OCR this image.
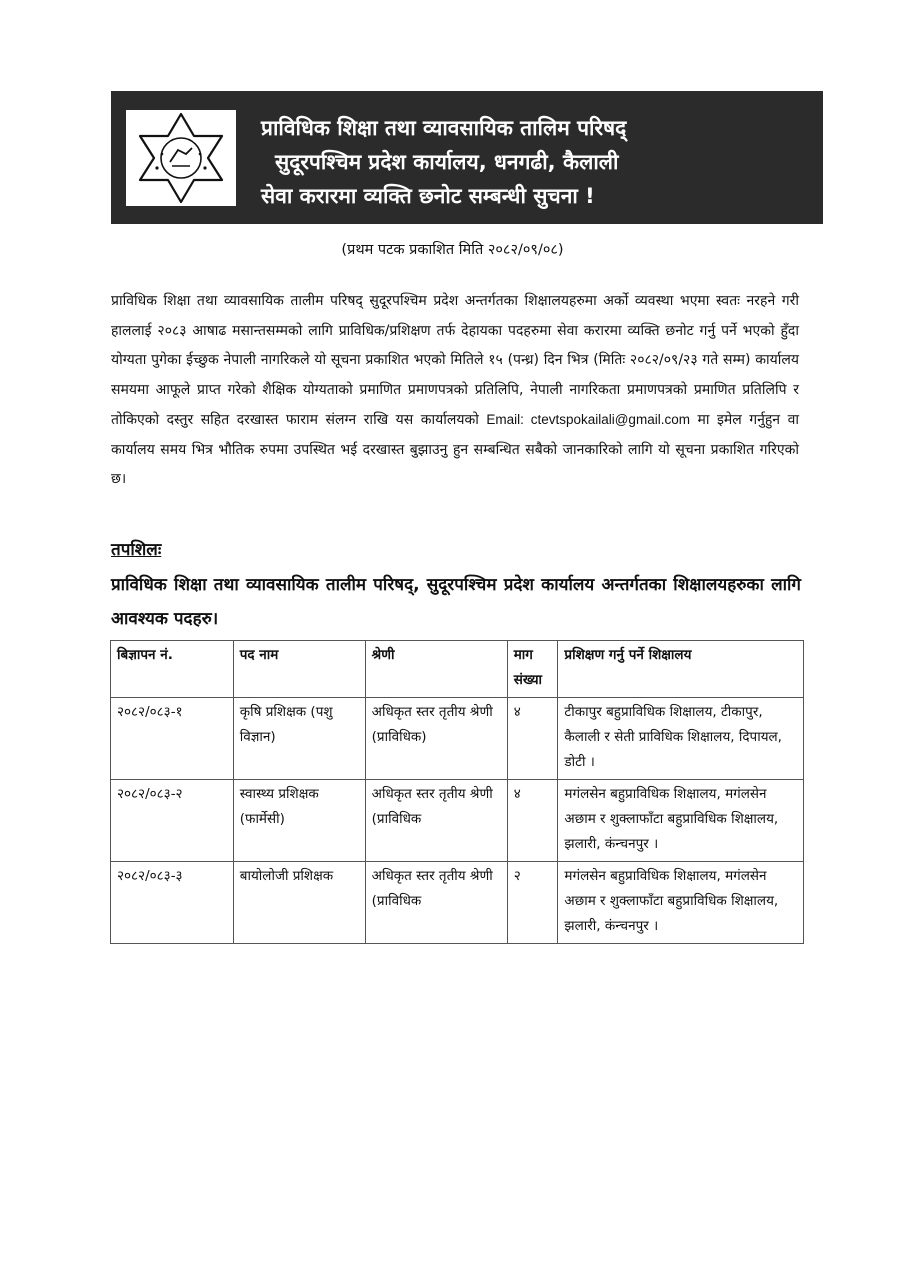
प्राविधिक शिक्षा तथा व्यावसायिक तालिम परिषद्
सुदूरपश्चिम प्रदेश कार्यालय, धनगढी, कैलाली
सेवा करारमा व्यक्ति छनोट सम्बन्धी सुचना !
(प्रथम पटक प्रकाशित मिति २०८२/०९/०८)
प्राविधिक शिक्षा तथा व्यावसायिक तालीम परिषद् सुदूरपश्चिम प्रदेश अन्तर्गतका शिक्षालयहरुमा अर्को व्यवस्था भएमा स्वतः नरहने गरी हाललाई २०८३ आषाढ मसान्तसम्मको लागि प्राविधिक/प्रशिक्षण तर्फ देहायका पदहरुमा सेवा करारमा व्यक्ति छनोट गर्नु पर्ने भएको हुँदा योग्यता पुगेका ईच्छुक नेपाली नागरिकले यो सूचना प्रकाशित भएको मितिले १५ (पन्ध्र) दिन भित्र (मितिः २०८२/०९/२३ गते सम्म) कार्यालय समयमा आफूले प्राप्त गरेको शैक्षिक योग्यताको प्रमाणित प्रमाणपत्रको प्रतिलिपि, नेपाली नागरिकता प्रमाणपत्रको प्रमाणित प्रतिलिपि र तोकिएको दस्तुर सहित दरखास्त फाराम संलग्न राखि यस कार्यालयको Email: ctevtspokailali@gmail.com मा इमेल गर्नुहुन वा कार्यालय समय भित्र भौतिक रुपमा उपस्थित भई दरखास्त बुझाउनु हुन सम्बन्धित सबैको जानकारिको लागि यो सूचना प्रकाशित गरिएको छ।
तपशिलः
प्राविधिक शिक्षा तथा व्यावसायिक तालीम परिषद्, सुदूरपश्चिम प्रदेश कार्यालय अन्तर्गतका शिक्षालयहरुका लागि आवश्यक पदहरु।
बिज्ञापन नं.	पद नाम	श्रेणी	माग संख्या	प्रशिक्षण गर्नु पर्ने शिक्षालय
२०८२/०८३-१	कृषि प्रशिक्षक (पशु विज्ञान)	अधिकृत स्तर तृतीय श्रेणी (प्राविधिक)	४	टीकापुर बहुप्राविधिक शिक्षालय, टीकापुर, कैलाली र सेती प्राविधिक शिक्षालय, दिपायल, डोटी ।
२०८२/०८३-२	स्वास्थ्य प्रशिक्षक (फार्मेसी)	अधिकृत स्तर तृतीय श्रेणी (प्राविधिक	४	मगंलसेन बहुप्राविधिक शिक्षालय, मगंलसेन अछाम र शुक्लाफाँटा बहुप्राविधिक शिक्षालय, झलारी, कंन्चनपुर ।
२०८२/०८३-३	बायोलोजी प्रशिक्षक	अधिकृत स्तर तृतीय श्रेणी (प्राविधिक	२	मगंलसेन बहुप्राविधिक शिक्षालय, मगंलसेन अछाम र शुक्लाफाँटा बहुप्राविधिक शिक्षालय, झलारी, कंन्चनपुर ।
